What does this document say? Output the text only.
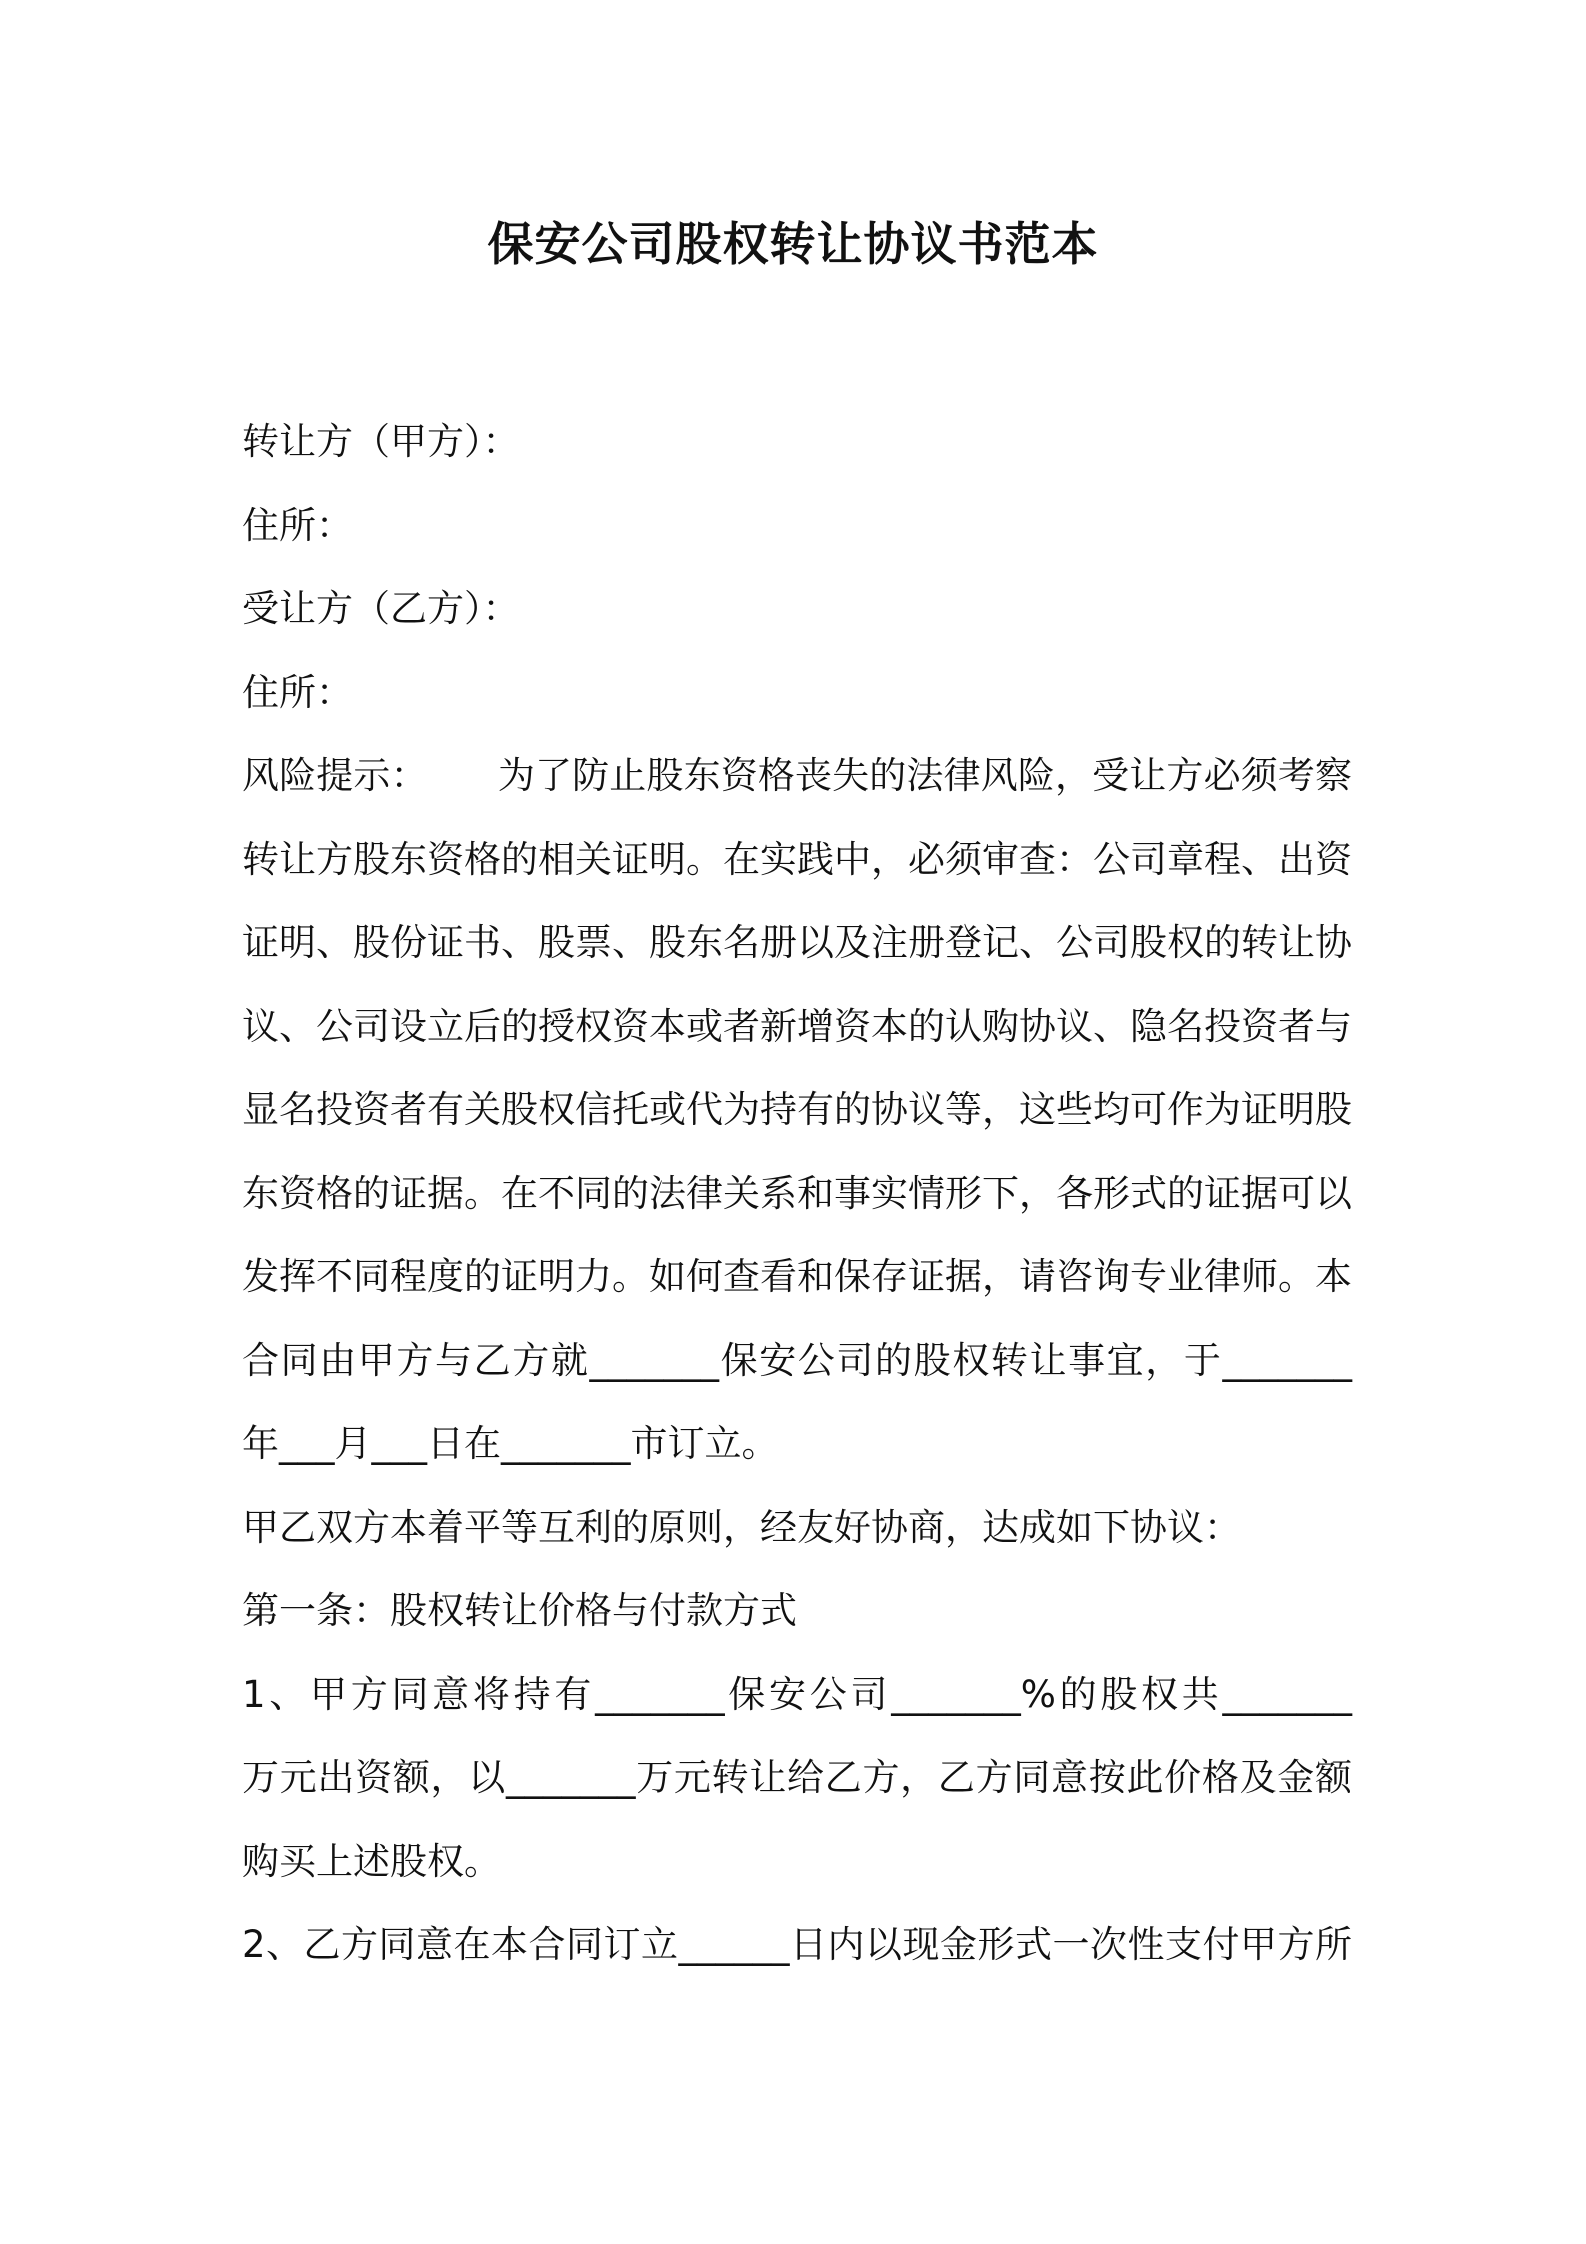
保安公司股权转让协议书范本
转让方（甲方）：
住所：
受让方（乙方）：
住所：
风险提示： 为了防止股东资格丧失的法律风险，受让方必须考察
转让方股东资格的相关证明。在实践中，必须审查：公司章程、出资
证明、股份证书、股票、股东名册以及注册登记、公司股权的转让协
议、公司设立后的授权资本或者新增资本的认购协议、隐名投资者与
显名投资者有关股权信托或代为持有的协议等，这些均可作为证明股
东资格的证据。在不同的法律关系和事实情形下，各形式的证据可以
发挥不同程度的证明力。如何查看和保存证据，请咨询专业律师。本
合同由甲方与乙方就_______保安公司的股权转让事宜，于_______
年___月___日在_______市订立。
甲乙双方本着平等互利的原则，经友好协商，达成如下协议：
第一条：股权转让价格与付款方式
1、甲方同意将持有_______保安公司_______%的股权共_______
万元出资额，以_______万元转让给乙方，乙方同意按此价格及金额
购买上述股权。
2、乙方同意在本合同订立______日内以现金形式一次性支付甲方所
